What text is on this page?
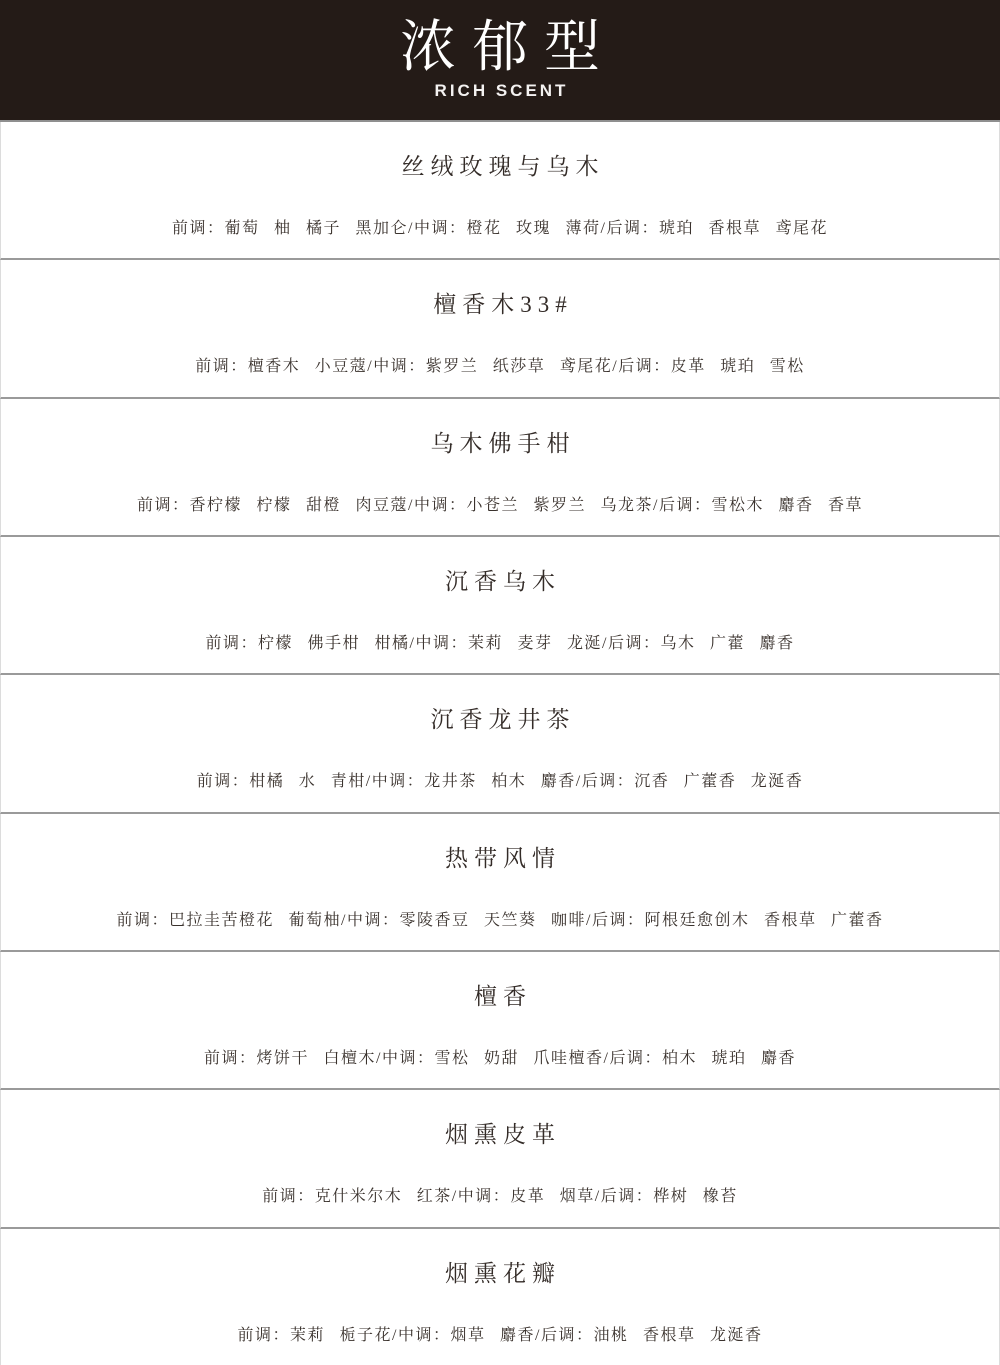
浓郁型
RICH SCENT
丝绒玫瑰与乌木

前调：葡萄 柚 橘子 黑加仑/中调：橙花 玫瑰 薄荷/后调：琥珀 香根草 鸢尾花

檀香木33#

前调：檀香木 小豆蔻/中调：紫罗兰 纸莎草 鸢尾花/后调：皮革 琥珀 雪松

乌木佛手柑

前调：香柠檬 柠檬 甜橙 肉豆蔻/中调：小苍兰 紫罗兰 乌龙茶/后调：雪松木 麝香 香草

沉香乌木

前调：柠檬 佛手柑 柑橘/中调：茉莉 麦芽 龙涎/后调：乌木 广藿 麝香

沉香龙井茶

前调：柑橘 水 青柑/中调：龙井茶 柏木 麝香/后调：沉香 广藿香 龙涎香

热带风情

前调：巴拉圭苦橙花 葡萄柚/中调：零陵香豆 天竺葵 咖啡/后调：阿根廷愈创木 香根草 广藿香

檀香

前调：烤饼干 白檀木/中调：雪松 奶甜 爪哇檀香/后调：柏木 琥珀 麝香

烟熏皮革

前调：克什米尔木 红茶/中调：皮革 烟草/后调：桦树 橡苔

烟熏花瓣

前调：茉莉 栀子花/中调：烟草 麝香/后调：油桃 香根草 龙涎香
